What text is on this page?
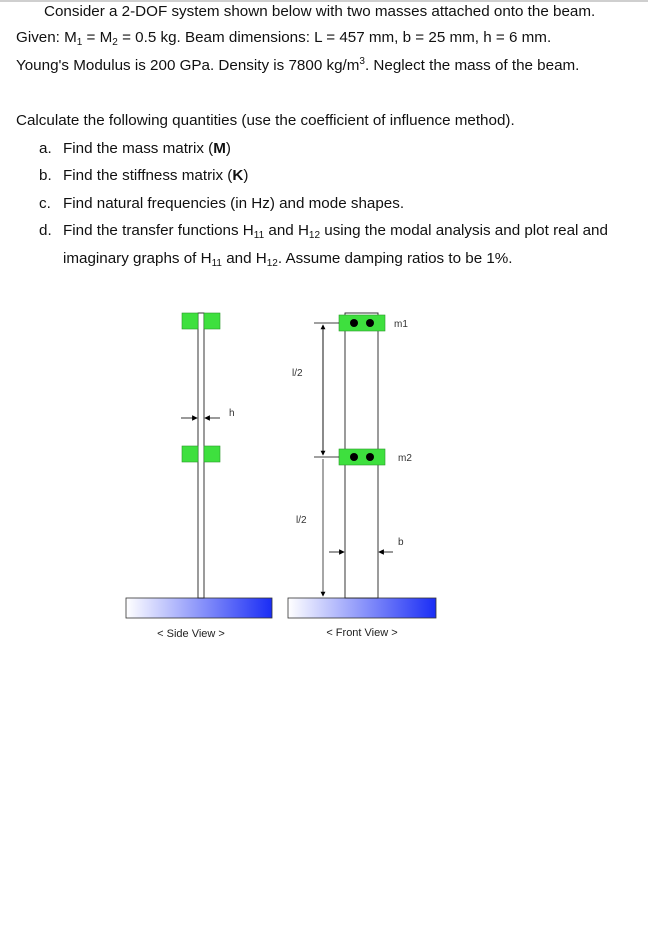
Consider a 2-DOF system shown below with two masses attached onto the beam.
Given: $M_1 = M_2 = 0.5$ kg. Beam dimensions: L = 457 mm, b = 25 mm, h = 6 mm.
Young's Modulus is 200 GPa. Density is 7800 $kg/m^3$. Neglect the mass of the beam.
Calculate the following quantities (use the coefficient of influence method).
a. Find the mass matrix (M)
b. Find the stiffness matrix (K)
c. Find natural frequencies (in Hz) and mode shapes.
d. Find the transfer functions $H_{11}$ and $H_{12}$ using the modal analysis and plot real and
imaginary graphs of $H_{11}$ and $H_{12}$. Assume damping ratios to be 1%.
h
< Side View >
m1
m2
l/2
l/2
b
< Front View >
